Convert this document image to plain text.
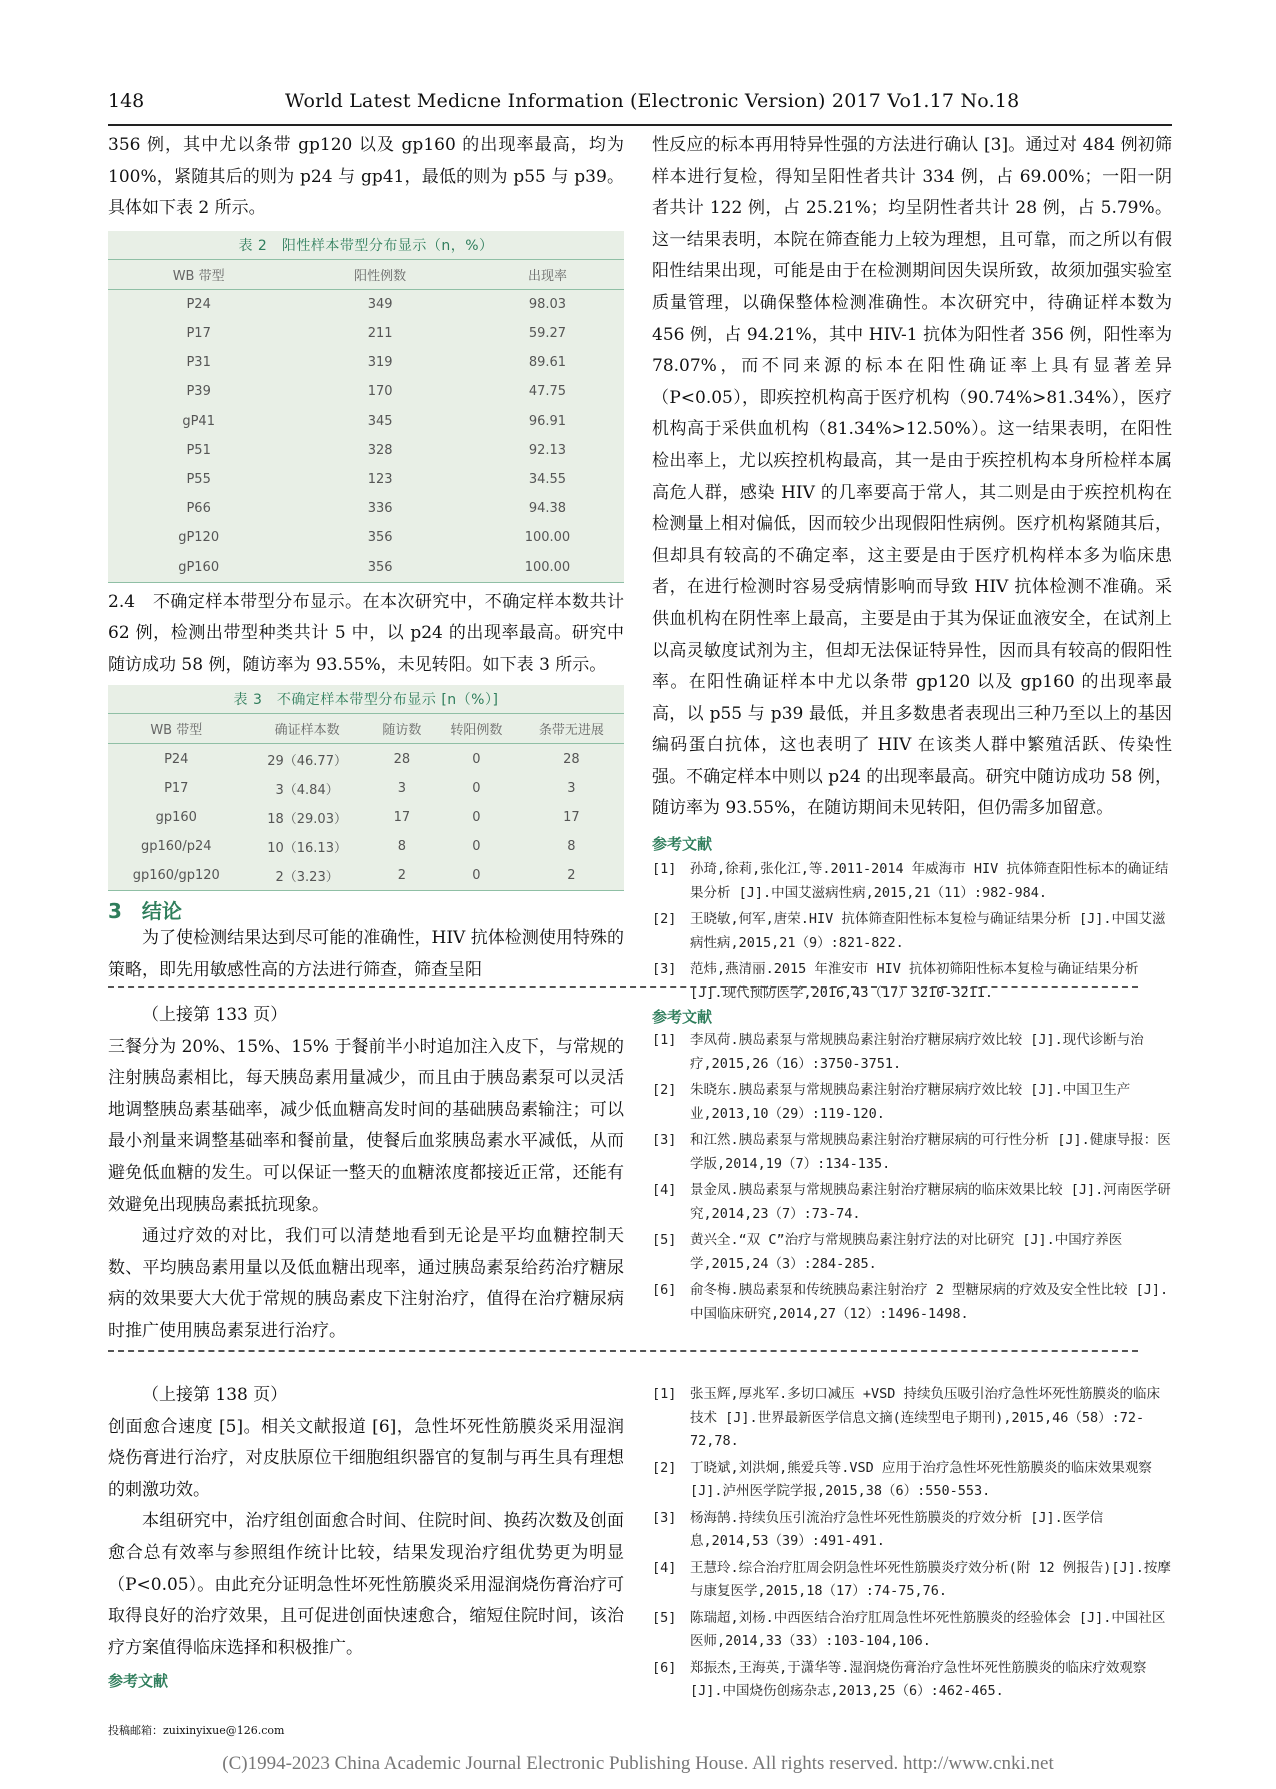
148	World Latest Medicne Information (Electronic Version) 2017 Vo1.17 No.18

356 例，其中尤以条带 gp120 以及 gp160 的出现率最高，均为 100%，紧随其后的则为 p24 与 gp41，最低的则为 p55 与 p39。具体如下表 2 所示。

表 2　阳性样本带型分布显示（n，%）
WB 带型	阳性例数	出现率
P24	349	98.03
P17	211	59.27
P31	319	89.61
P39	170	47.75
gP41	345	96.91
P51	328	92.13
P55	123	34.55
P66	336	94.38
gP120	356	100.00
gP160	356	100.00

2.4　不确定样本带型分布显示。在本次研究中，不确定样本数共计 62 例，检测出带型种类共计 5 中，以 p24 的出现率最高。研究中随访成功 58 例，随访率为 93.55%，未见转阳。如下表 3 所示。

表 3　不确定样本带型分布显示 [n（%）]
WB 带型	确证样本数	随访数	转阳例数	条带无进展
P24	29（46.77）	28	0	28
P17	3（4.84）	3	0	3
gp160	18（29.03）	17	0	17
gp160/p24	10（16.13）	8	0	8
gp160/gp120	2（3.23）	2	0	2
3　结论

为了使检测结果达到尽可能的准确性，HIV 抗体检测使用特殊的策略，即先用敏感性高的方法进行筛查，筛查呈阳

性反应的标本再用特异性强的方法进行确认 [3]。通过对 484 例初筛样本进行复检，得知呈阳性者共计 334 例，占 69.00%；一阳一阴者共计 122 例，占 25.21%；均呈阴性者共计 28 例，占 5.79%。这一结果表明，本院在筛查能力上较为理想，且可靠，而之所以有假阳性结果出现，可能是由于在检测期间因失误所致，故须加强实验室质量管理，以确保整体检测准确性。本次研究中，待确证样本数为 456 例，占 94.21%，其中 HIV-1 抗体为阳性者 356 例，阳性率为 78.07%，而不同来源的标本在阳性确证率上具有显著差异（P<0.05），即疾控机构高于医疗机构（90.74%>81.34%），医疗机构高于采供血机构（81.34%>12.50%）。这一结果表明，在阳性检出率上，尤以疾控机构最高，其一是由于疾控机构本身所检样本属高危人群，感染 HIV 的几率要高于常人，其二则是由于疾控机构在检测量上相对偏低，因而较少出现假阳性病例。医疗机构紧随其后，但却具有较高的不确定率，这主要是由于医疗机构样本多为临床患者，在进行检测时容易受病情影响而导致 HIV 抗体检测不准确。采供血机构在阴性率上最高，主要是由于其为保证血液安全，在试剂上以高灵敏度试剂为主，但却无法保证特异性，因而具有较高的假阳性率。在阳性确证样本中尤以条带 gp120 以及 gp160 的出现率最高，以 p55 与 p39 最低，并且多数患者表现出三种乃至以上的基因编码蛋白抗体，这也表明了 HIV 在该类人群中繁殖活跃、传染性强。不确定样本中则以 p24 的出现率最高。研究中随访成功 58 例，随访率为 93.55%，在随访期间未见转阳，但仍需多加留意。

参考文献
[1]	孙琦,徐莉,张化江,等.2011-2014 年威海市 HIV 抗体筛查阳性标本的确证结果分析 [J].中国艾滋病性病,2015,21（11）:982-984.
[2]	王晓敏,何军,唐荣.HIV 抗体筛查阳性标本复检与确证结果分析 [J].中国艾滋病性病,2015,21（9）:821-822.
[3]	范炜,燕清丽.2015 年淮安市 HIV 抗体初筛阳性标本复检与确证结果分析 [J].现代预防医学,2016,43（17）3210-3211.
（上接第 133 页）

三餐分为 20%、15%、15% 于餐前半小时追加注入皮下，与常规的注射胰岛素相比，每天胰岛素用量减少，而且由于胰岛素泵可以灵活地调整胰岛素基础率，减少低血糖高发时间的基础胰岛素输注；可以最小剂量来调整基础率和餐前量，使餐后血浆胰岛素水平减低，从而避免低血糖的发生。可以保证一整天的血糖浓度都接近正常，还能有效避免出现胰岛素抵抗现象。

通过疗效的对比，我们可以清楚地看到无论是平均血糖控制天数、平均胰岛素用量以及低血糖出现率，通过胰岛素泵给药治疗糖尿病的效果要大大优于常规的胰岛素皮下注射治疗，值得在治疗糖尿病时推广使用胰岛素泵进行治疗。

参考文献
[1]	李凤荷.胰岛素泵与常规胰岛素注射治疗糖尿病疗效比较 [J].现代诊断与治疗,2015,26（16）:3750-3751.
[2]	朱晓东.胰岛素泵与常规胰岛素注射治疗糖尿病疗效比较 [J].中国卫生产业,2013,10（29）:119-120.
[3]	和江然.胰岛素泵与常规胰岛素注射治疗糖尿病的可行性分析 [J].健康导报：医学版,2014,19（7）:134-135.
[4]	景金凤.胰岛素泵与常规胰岛素注射治疗糖尿病的临床效果比较 [J].河南医学研究,2014,23（7）:73-74.
[5]	黄兴全.“双 C”治疗与常规胰岛素注射疗法的对比研究 [J].中国疗养医学,2015,24（3）:284-285.
[6]	俞冬梅.胰岛素泵和传统胰岛素注射治疗 2 型糖尿病的疗效及安全性比较 [J].中国临床研究,2014,27（12）:1496-1498.
（上接第 138 页）

创面愈合速度 [5]。相关文献报道 [6]，急性坏死性筋膜炎采用湿润烧伤膏进行治疗，对皮肤原位干细胞组织器官的复制与再生具有理想的刺激功效。

本组研究中，治疗组创面愈合时间、住院时间、换药次数及创面愈合总有效率与参照组作统计比较，结果发现治疗组优势更为明显（P<0.05）。由此充分证明急性坏死性筋膜炎采用湿润烧伤膏治疗可取得良好的治疗效果，且可促进创面快速愈合，缩短住院时间，该治疗方案值得临床选择和积极推广。

参考文献
[1]	张玉辉,厚兆军.多切口减压 +VSD 持续负压吸引治疗急性坏死性筋膜炎的临床技术 [J].世界最新医学信息文摘(连续型电子期刊),2015,46（58）:72-72,78.
[2]	丁晓斌,刘洪炯,熊爱兵等.VSD 应用于治疗急性坏死性筋膜炎的临床效果观察 [J].泸州医学院学报,2015,38（6）:550-553.
[3]	杨海鹄.持续负压引流治疗急性坏死性筋膜炎的疗效分析 [J].医学信息,2014,53（39）:491-491.
[4]	王慧玲.综合治疗肛周会阴急性坏死性筋膜炎疗效分析(附 12 例报告)[J].按摩与康复医学,2015,18（17）:74-75,76.
[5]	陈瑞超,刘杨.中西医结合治疗肛周急性坏死性筋膜炎的经验体会 [J].中国社区医师,2014,33（33）:103-104,106.
[6]	郑振杰,王海英,于潇华等.湿润烧伤膏治疗急性坏死性筋膜炎的临床疗效观察 [J].中国烧伤创疡杂志,2013,25（6）:462-465.
投稿邮箱：zuixinyixue@126.com
(C)1994-2023 China Academic Journal Electronic Publishing House. All rights reserved. http://www.cnki.net
